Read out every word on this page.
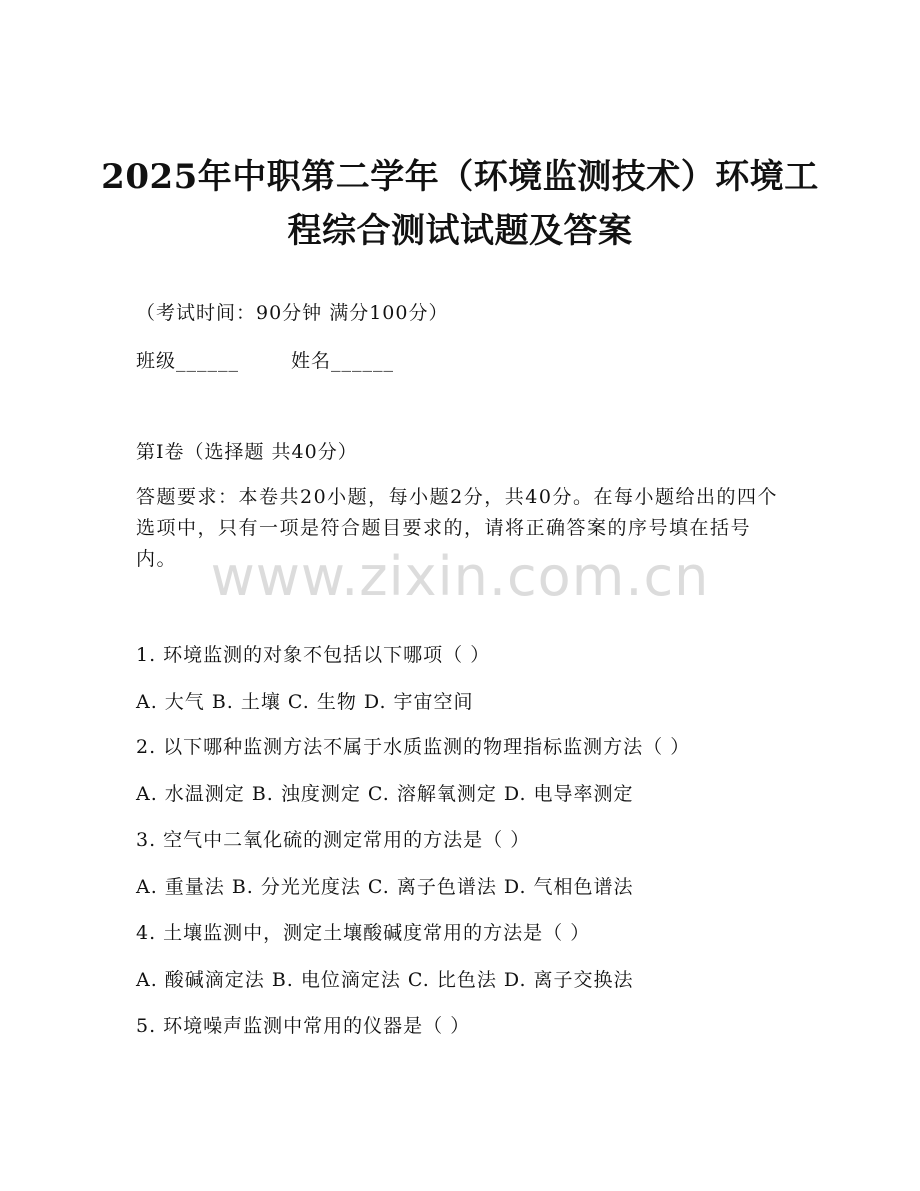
2025年中职第二学年（环境监测技术）环境工程综合测试试题及答案
（考试时间：90分钟 满分100分）
班级______	姓名______
第I卷（选择题 共40分）
答题要求：本卷共20小题，每小题2分，共40分。在每小题给出的四个选项中，只有一项是符合题目要求的，请将正确答案的序号填在括号内。 www.zixin.com.cn
1. 环境监测的对象不包括以下哪项（ ）
A. 大气 B. 土壤 C. 生物 D. 宇宙空间
2. 以下哪种监测方法不属于水质监测的物理指标监测方法（ ）
A. 水温测定 B. 浊度测定 C. 溶解氧测定 D. 电导率测定
3. 空气中二氧化硫的测定常用的方法是（ ）
A. 重量法 B. 分光光度法 C. 离子色谱法 D. 气相色谱法
4. 土壤监测中，测定土壤酸碱度常用的方法是（ ）
A. 酸碱滴定法 B. 电位滴定法 C. 比色法 D. 离子交换法
5. 环境噪声监测中常用的仪器是（ ）
